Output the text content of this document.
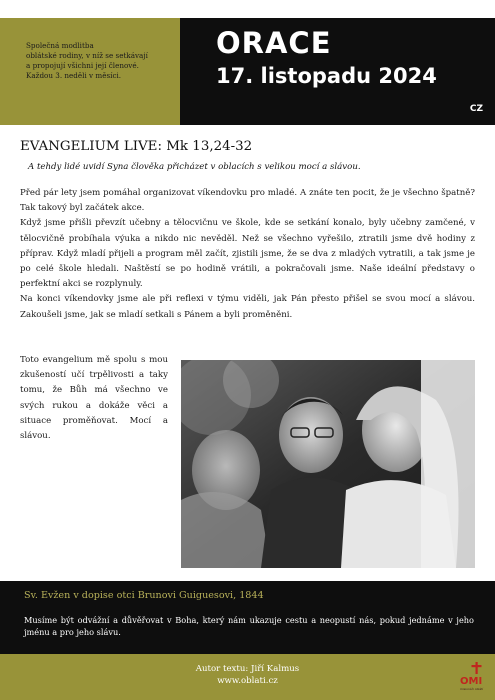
Společná modlitba
oblátské rodiny, v níž se setkávají
a propojují všichni její členové.
Každou 3. neděli v měsíci.
ORACE
17. listopadu 2024
CZ
EVANGELIUM LIVE: Mk 13,24-32
A tehdy lidé uvidí Syna člověka přicházet v oblacích s velikou mocí a slávou.

Před pár lety jsem pomáhal organizovat víkendovku pro mladé. A znáte ten pocit, že je všechno špatně? Tak takový byl začátek akce.

Když jsme přišli převzít učebny a tělocvičnu ve škole, kde se setkání konalo, byly učebny zamčené, v tělocvičně probíhala výuka a nikdo nic nevěděl. Než se všechno vyřešilo, ztratili jsme dvě hodiny z příprav. Když mladí přijeli a program měl začít, zjistili jsme, že se dva z mladých vytratili, a tak jsme je po celé škole hledali. Naštěstí se po hodině vrátili, a pokračovali jsme. Naše ideální představy o perfektní akci se rozplynuly.

Na konci víkendovky jsme ale při reflexi v týmu viděli, jak Pán přesto přišel se svou mocí a slávou. Zakoušeli jsme, jak se mladí setkali s Pánem a byli proměněni.

Toto evangelium mě spolu s mou zkušeností učí trpělivosti a taky tomu, že Bůh má všechno ve svých rukou a dokáže věci a situace proměňovat. Mocí a slávou.

Sv. Evžen v dopise otci Brunovi Guiguesovi, 1844

Musíme být odvážní a důvěřovat v Boha, který nám ukazuje cestu a neopustí nás, pokud jednáme v jeho jménu a pro jeho slávu.

Autor textu: Jiří Kalmus
www.oblati.cz	OMI
misionáři oblátí
